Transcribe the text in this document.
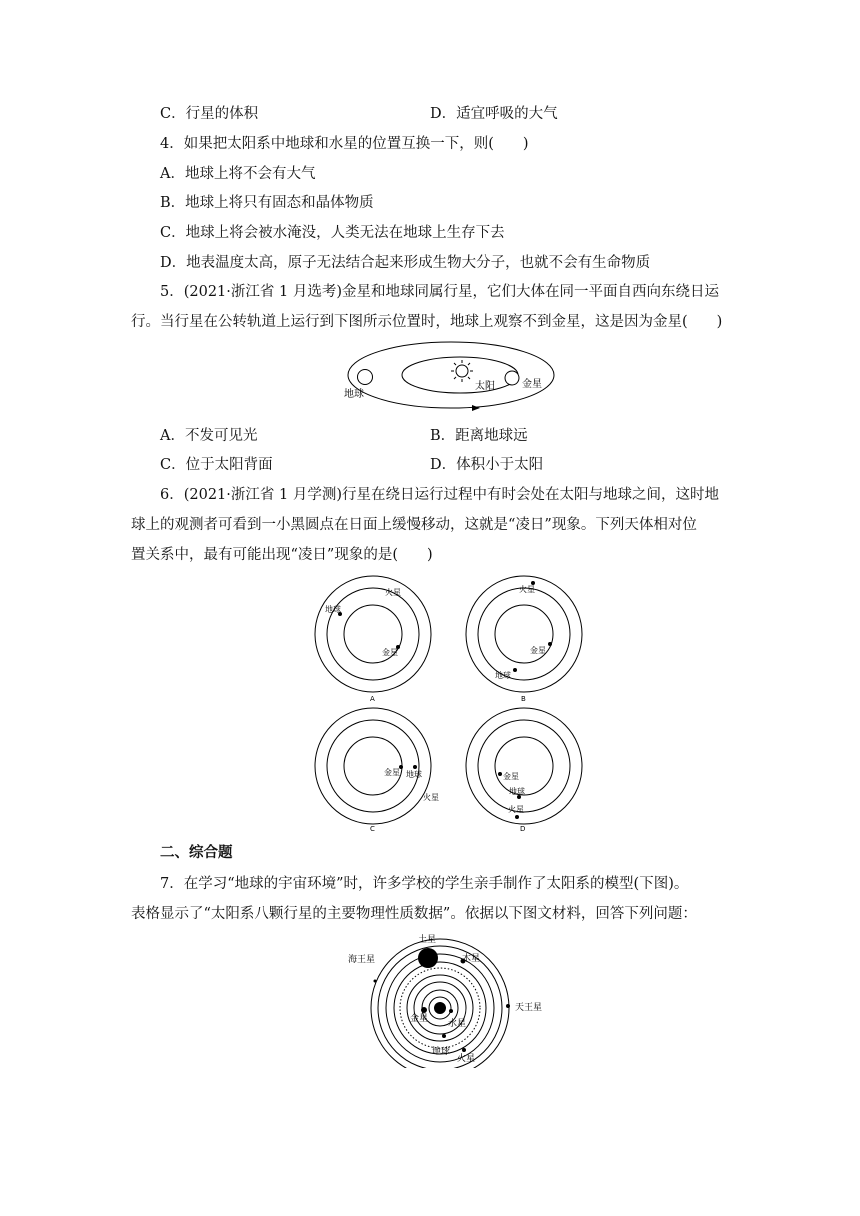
C．行星的体积	D．适宜呼吸的大气
4．如果把太阳系中地球和水星的位置互换一下，则(　　)
A．地球上将不会有大气
B．地球上将只有固态和晶体物质
C．地球上将会被水淹没，人类无法在地球上生存下去
D．地表温度太高，原子无法结合起来形成生物大分子，也就不会有生命物质
5．(2021·浙江省 1 月选考)金星和地球同属行星，它们大体在同一平面自西向东绕日运
行。当行星在公转轨道上运行到下图所示位置时，地球上观察不到金星，这是因为金星(　　)
地球
太阳	金星
A．不发可见光	B．距离地球远
C．位于太阳背面	D．体积小于太阳
6．(2021·浙江省 1 月学测)行星在绕日运行过程中有时会处在太阳与地球之间，这时地
球上的观测者可看到一小黑圆点在日面上缓慢移动，这就是“凌日”现象。下列天体相对位
置关系中，最有可能出现“凌日”现象的是(　　)
地球
火星
金星
A
火星
金星
地球
B
金星 地球
火星
C
金星
地球
火星
D
二、综合题
7．在学习“地球的宇宙环境”时，许多学校的学生亲手制作了太阳系的模型(下图)。
表格显示了“太阳系八颗行星的主要物理性质数据”。依据以下图文材料，回答下列问题：
土星
海王星	木星
天王星
金星 水星
地球
火星
